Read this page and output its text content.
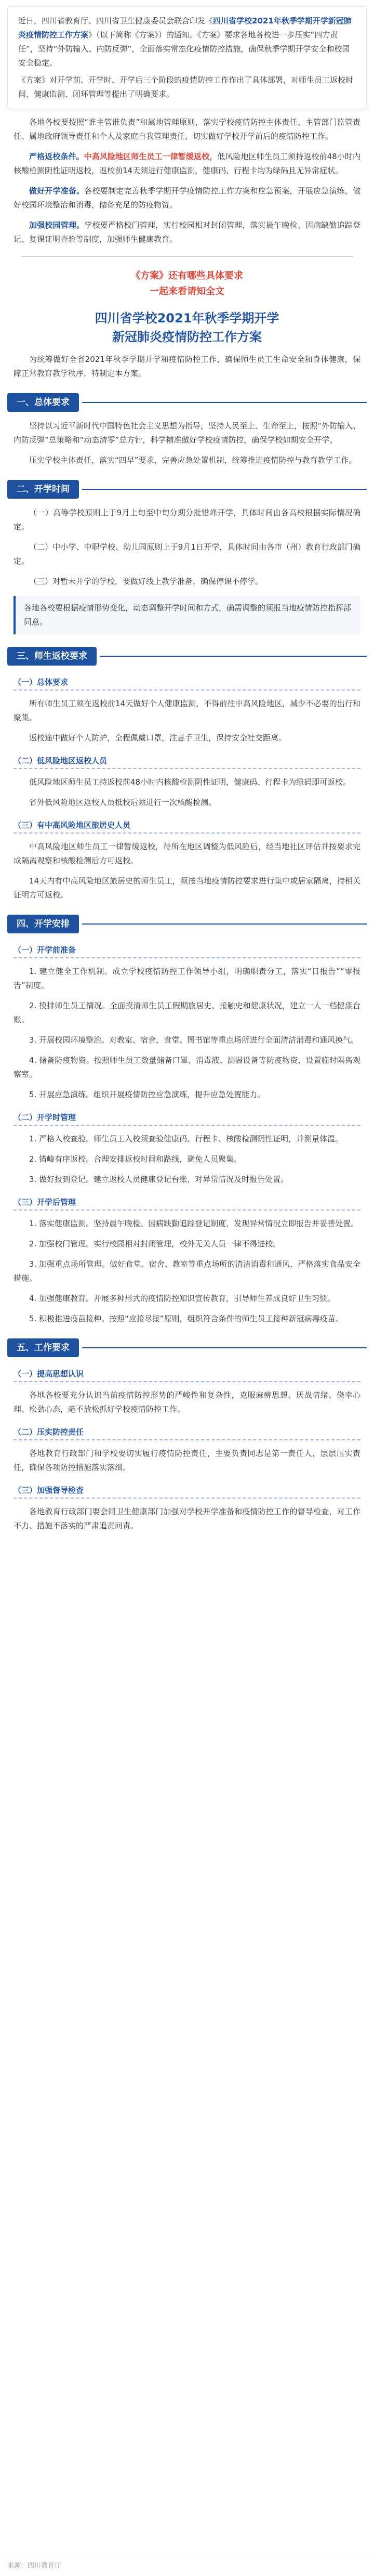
近日，四川省教育厅、四川省卫生健康委员会联合印发《四川省学校2021年秋季学期开学新冠肺炎疫情防控工作方案》（以下简称《方案》）的通知。《方案》要求各地各校进一步压实“四方责任”，坚持“外防输入、内防反弹”，全面落实常态化疫情防控措施，确保秋季学期开学安全和校园安全稳定。
《方案》对开学前、开学时、开学后三个阶段的疫情防控工作作出了具体部署，对师生员工返校时间、健康监测、闭环管理等提出了明确要求。

各地各校要按照“谁主管谁负责”和属地管理原则，落实学校疫情防控主体责任、主管部门监管责任、属地政府领导责任和个人及家庭自我管理责任，切实做好学校开学前后的疫情防控工作。

严格返校条件。中高风险地区师生员工一律暂缓返校，低风险地区师生员工须持返校前48小时内核酸检测阴性证明返校，返校前14天须进行健康监测，健康码、行程卡均为绿码且无异常症状。

做好开学准备。各校要制定完善秋季学期开学疫情防控工作方案和应急预案，开展应急演练，做好校园环境整治和消毒，储备充足的防疫物资。

加强校园管理。学校要严格校门管理，实行校园相对封闭管理，落实晨午晚检、因病缺勤追踪登记、复课证明查验等制度，加强师生健康教育。

《方案》还有哪些具体要求
一起来看请知全文
四川省学校2021年秋季学期开学
新冠肺炎疫情防控工作方案

为统筹做好全省2021年秋季学期开学和疫情防控工作，确保师生员工生命安全和身体健康，保障正常教育教学秩序，特制定本方案。

一、总体要求

坚持以习近平新时代中国特色社会主义思想为指导，坚持人民至上、生命至上，按照“外防输入、内防反弹”总策略和“动态清零”总方针，科学精准做好学校疫情防控，确保学校如期安全开学。

压实学校主体责任，落实“四早”要求，完善应急处置机制，统筹推进疫情防控与教育教学工作。

二、开学时间

（一）高等学校原则上于9月上旬至中旬分期分批错峰开学，具体时间由各高校根据实际情况确定。

（二）中小学、中职学校、幼儿园原则上于9月1日开学，具体时间由各市（州）教育行政部门确定。

（三）对暂未开学的学校，要做好线上教学准备，确保停课不停学。

各地各校要根据疫情形势变化，动态调整开学时间和方式，确需调整的须报当地疫情防控指挥部同意。
三、师生返校要求
（一）总体要求

所有师生员工须在返校前14天做好个人健康监测，不得前往中高风险地区，减少不必要的出行和聚集。

返校途中做好个人防护，全程佩戴口罩，注意手卫生，保持安全社交距离。

（二）低风险地区返校人员

低风险地区师生员工持返校前48小时内核酸检测阴性证明，健康码、行程卡为绿码即可返校。

省外低风险地区返校人员抵校后须进行一次核酸检测。

（三）有中高风险地区旅居史人员

中高风险地区师生员工一律暂缓返校，待所在地区调整为低风险后，经当地社区评估并按要求完成隔离观察和核酸检测后方可返校。

14天内有中高风险地区旅居史的师生员工，须按当地疫情防控要求进行集中或居家隔离，持相关证明方可返校。

四、开学安排
（一）开学前准备

1. 建立健全工作机制。成立学校疫情防控工作领导小组，明确职责分工，落实“日报告”“零报告”制度。

2. 摸排师生员工情况。全面摸清师生员工假期旅居史、接触史和健康状况，建立一人一档健康台账。

3. 开展校园环境整治。对教室、宿舍、食堂、图书馆等重点场所进行全面清洁消毒和通风换气。

4. 储备防疫物资。按照师生员工数量储备口罩、消毒液、测温设备等防疫物资，设置临时隔离观察室。

5. 开展应急演练。组织开展疫情防控应急演练，提升应急处置能力。

（二）开学时管理

1. 严格入校查验。师生员工入校须查验健康码、行程卡、核酸检测阴性证明，并测量体温。

2. 错峰有序返校。合理安排返校时间和路线，避免人员聚集。

3. 做好报到登记。建立返校人员健康登记台账，对异常情况及时报告处置。

（三）开学后管理

1. 落实健康监测。坚持晨午晚检、因病缺勤追踪登记制度，发现异常情况立即报告并妥善处置。

2. 加强校门管理。实行校园相对封闭管理，校外无关人员一律不得进校。

3. 加强重点场所管理。做好食堂、宿舍、教室等重点场所的清洁消毒和通风，严格落实食品安全措施。

4. 加强健康教育。开展多种形式的疫情防控知识宣传教育，引导师生养成良好卫生习惯。

5. 积极推进疫苗接种。按照“应接尽接”原则，组织符合条件的师生员工接种新冠病毒疫苗。

五、工作要求
（一）提高思想认识

各地各校要充分认识当前疫情防控形势的严峻性和复杂性，克服麻痹思想、厌战情绪、侥幸心理、松劲心态，毫不放松抓好学校疫情防控工作。

（二）压实防控责任

各地教育行政部门和学校要切实履行疫情防控责任，主要负责同志是第一责任人，层层压实责任，确保各项防控措施落实落细。

（三）加强督导检查

各地教育行政部门要会同卫生健康部门加强对学校开学准备和疫情防控工作的督导检查，对工作不力、措施不落实的严肃追责问责。

来源：四川教育厅
